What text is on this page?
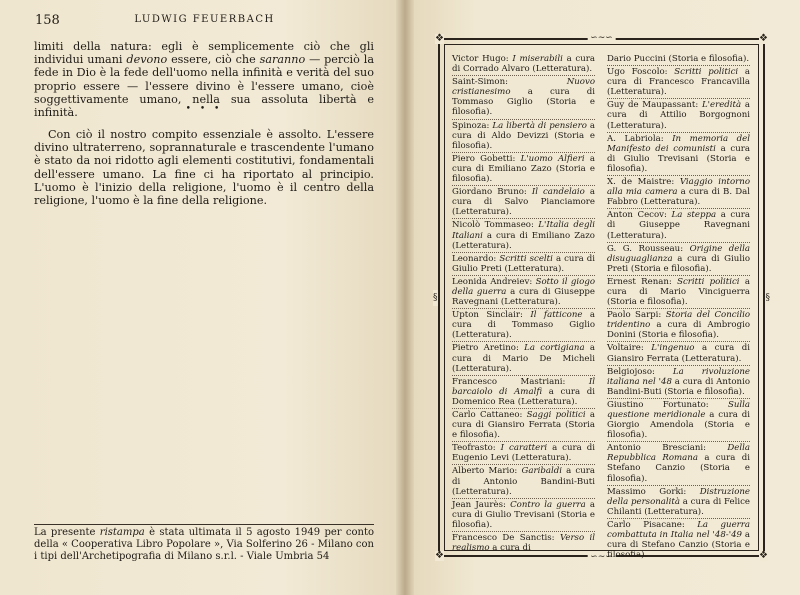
158	LUDWIG FEUERBACH
limiti della natura: egli è semplicemente ciò che gli individui umani devono essere, ciò che saranno — perciò la fede in Dio è la fede dell'uomo nella infinità e verità del suo proprio essere — l'essere divino è l'essere umano, cioè soggettivamente umano, nella sua assoluta libertà e infinità.	• • •
Con ciò il nostro compito essenziale è assolto. L'essere divino ultraterreno, soprannaturale e trascendente l'umano è stato da noi ridotto agli elementi costitutivi, fondamentali dell'essere umano. La fine ci ha riportato al principio. L'uomo è l'inizio della religione, l'uomo è il centro della religione, l'uomo è la fine della religione.
La presente ristampa è stata ultimata il 5 agosto 1949 per conto della « Cooperativa Libro Popolare », Via Solferino 26 - Milano con i tipi dell'Archetipografia di Milano s.r.l. - Viale Umbria 54
❖	❖
❖	❖
∽∼∽
∽∼∽
§	§
Victor Hugo: I miserabili a cura di Corrado Alvaro (Letteratura).
Saint-Simon: Nuovo cristianesimo a cura di Tommaso Giglio (Storia e filosofia).
Spinoza: La libertà di pensiero a cura di Aldo Devizzi (Storia e filosofia).
Piero Gobetti: L'uomo Alfieri a cura di Emiliano Zazo (Storia e filosofia).
Giordano Bruno: Il candelaio a cura di Salvo Pianciamore (Letteratura).
Nicolò Tommaseo: L'Italia degli Italiani a cura di Emiliano Zazo (Letteratura).
Leonardo: Scritti scelti a cura di Giulio Preti (Letteratura).
Leonida Andreiev: Sotto il giogo della guerra a cura di Giuseppe Ravegnani (Letteratura).
Upton Sinclair: Il fatticone a cura di Tommaso Giglio (Letteratura).
Pietro Aretino: La cortigiana a cura di Mario De Micheli (Letteratura).
Francesco Mastriani: Il barcaiolo di Amalfi a cura di Domenico Rea (Letteratura).
Carlo Cattaneo: Saggi politici a cura di Giansiro Ferrata (Storia e filosofia).
Teofrasto: I caratteri a cura di Eugenio Levi (Letteratura).
Alberto Mario: Garibaldi a cura di Antonio Bandini-Buti (Letteratura).
Jean Jaurès: Contro la guerra a cura di Giulio Trevisani (Storia e filosofia).
Francesco De Sanctis: Verso il realismo a cura di
Dario Puccini (Storia e filosofia).
Ugo Foscolo: Scritti politici a cura di Francesco Francavilla (Letteratura).
Guy de Maupassant: L'eredità a cura di Attilio Borgognoni (Letteratura).
A. Labriola: In memoria del Manifesto dei comunisti a cura di Giulio Trevisani (Storia e filosofia).
X. de Maistre: Viaggio intorno alla mia camera a cura di B. Dal Fabbro (Letteratura).
Anton Cecov: La steppa a cura di Giuseppe Ravegnani (Letteratura).
G. G. Rousseau: Origine della disuguaglianza a cura di Giulio Preti (Storia e filosofia).
Ernest Renan: Scritti politici a cura di Mario Vinciguerra (Storia e filosofia).
Paolo Sarpi: Storia del Concilio tridentino a cura di Ambrogio Donini (Storia e filosofia).
Voltaire: L'ingenuo a cura di Giansiro Ferrata (Letteratura).
Belgiojoso: La rivoluzione italiana nel '48 a cura di Antonio Bandini-Buti (Storia e filosofia).
Giustino Fortunato: Sulla questione meridionale a cura di Giorgio Amendola (Storia e filosofia).
Antonio Bresciani: Della Repubblica Romana a cura di Stefano Canzio (Storia e filosofia).
Massimo Gorki: Distruzione della personalità a cura di Felice Chilanti (Letteratura).
Carlo Pisacane: La guerra combattuta in Italia nel '48-'49 a cura di Stefano Canzio (Storia e filosofia).
